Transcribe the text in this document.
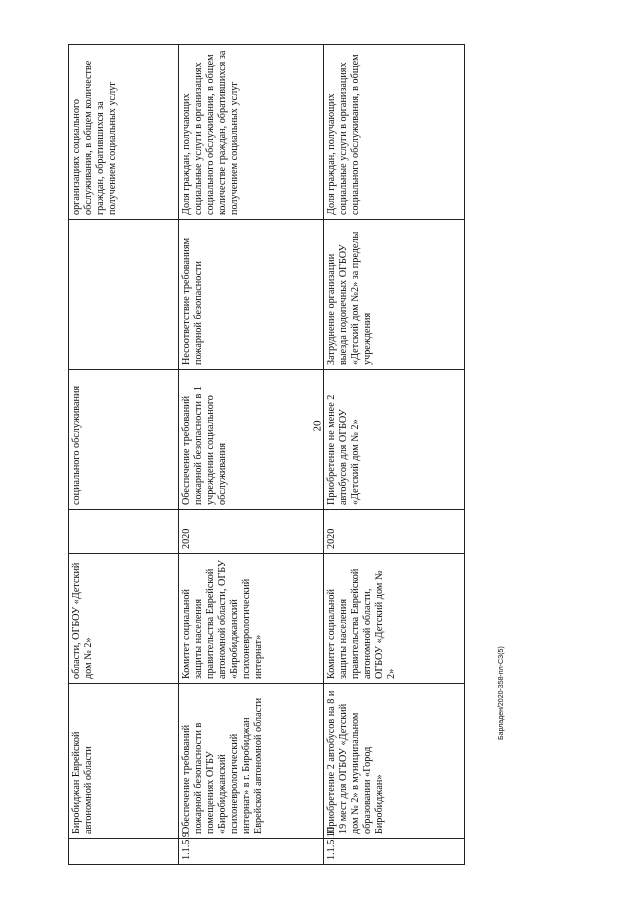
20
	Биробиджан Еврейской автономной области	области, ОГБОУ «Детский дом № 2»		социального обслуживания		организациях социального обслуживания, в общем количестве граждан, обратившихся за получением социальных услуг
1.1.5.9	Обеспечение требований пожарной безопасности в помещениях ОГБУ «Биробиджанский психоневрологический интернат» в г. Биробиджан Еврейской автономной области	Комитет социальной защиты населения правительства Еврейской автономной области, ОГБУ «Биробиджанский психоневрологический интернат»	2020	Обеспечение требований пожарной безопасности в 1 учреждении социального обслуживания	Несоответствие требованиям пожарной безопасности	Доля граждан, получающих социальные услуги в организациях социального обслуживания, в общем количестве граждан, обратившихся за получением социальных услуг
1.1.5.10	Приобретение 2 автобусов на 8 и 19 мест для ОГБОУ «Детский дом № 2» в муниципальном образовании «Город Биробиджан»	Комитет социальной защиты населения правительства Еврейской автономной области, ОГБОУ «Детский дом № 2»	2020	Приобретение не менее 2 автобусов для ОГБОУ «Детский дом № 2»	Затруднение организации выезда подопечных ОГБОУ «Детский дом №2» за пределы учреждения	Доля граждан, получающих социальные услуги в организациях социального обслуживания, в общем
Барладен/2020-358-пл-СЗ(5)
